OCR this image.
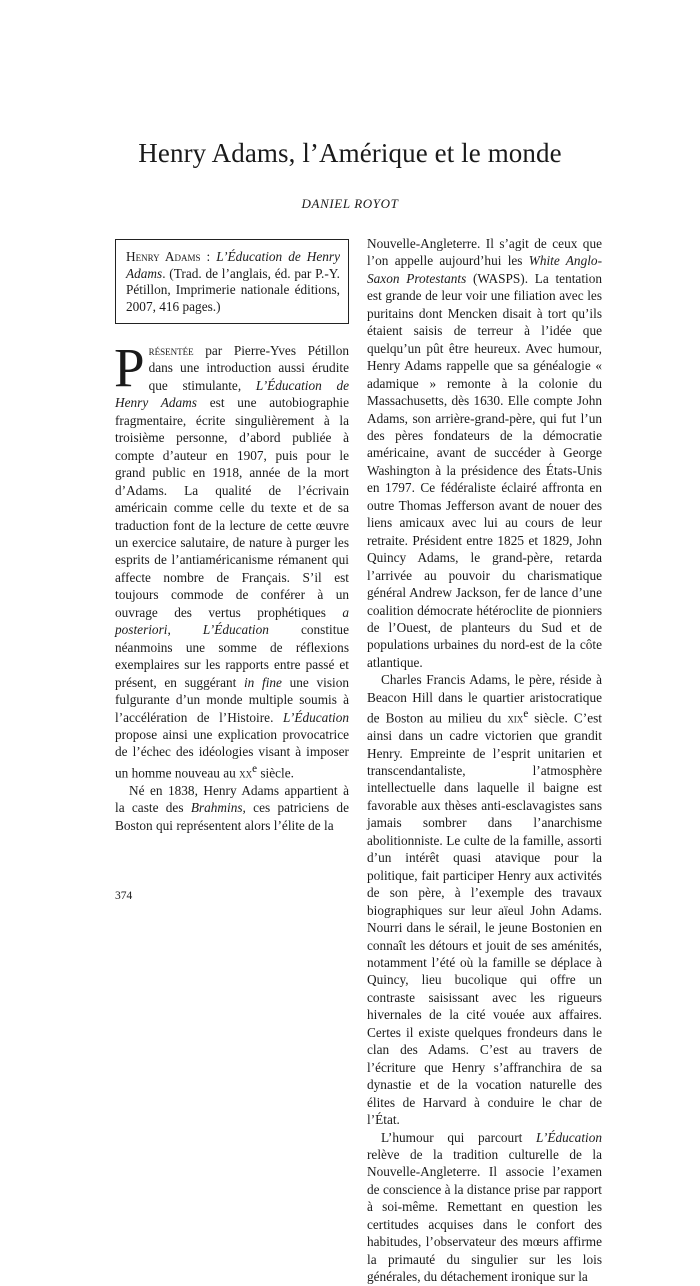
Henry Adams, l’Amérique et le monde
DANIEL ROYOT
Henry Adams : L’Éducation de Henry Adams. (Trad. de l’anglais, éd. par P.-Y. Pétillon, Imprimerie nationale éditions, 2007, 416 pages.)

Présentée par Pierre-Yves Pétillon dans une introduction aussi érudite que stimulante, L’Éducation de Henry Adams est une autobiographie fragmentaire, écrite singulièrement à la troisième personne, d’abord publiée à compte d’auteur en 1907, puis pour le grand public en 1918, année de la mort d’Adams. La qualité de l’écrivain américain comme celle du texte et de sa traduction font de la lecture de cette œuvre un exercice salutaire, de nature à purger les esprits de l’antiaméricanisme rémanent qui affecte nombre de Français. S’il est toujours commode de conférer à un ouvrage des vertus prophétiques a posteriori, L’Éducation constitue néanmoins une somme de réflexions exemplaires sur les rapports entre passé et présent, en suggérant in fine une vision fulgurante d’un monde multiple soumis à l’accélération de l’Histoire. L’Éducation propose ainsi une explication provocatrice de l’échec des idéologies visant à imposer un homme nouveau au $xx^e$ siècle.

Né en 1838, Henry Adams appartient à la caste des Brahmins, ces patriciens de Boston qui représentent alors l’élite de la

Nouvelle-Angleterre. Il s’agit de ceux que l’on appelle aujourd’hui les White Anglo-Saxon Protestants (WASPS). La tentation est grande de leur voir une filiation avec les puritains dont Mencken disait à tort qu’ils étaient saisis de terreur à l’idée que quelqu’un pût être heureux. Avec humour, Henry Adams rappelle que sa généalogie « adamique » remonte à la colonie du Massachusetts, dès 1630. Elle compte John Adams, son arrière-grand-père, qui fut l’un des pères fondateurs de la démocratie américaine, avant de succéder à George Washington à la présidence des États-Unis en 1797. Ce fédéraliste éclairé affronta en outre Thomas Jefferson avant de nouer des liens amicaux avec lui au cours de leur retraite. Président entre 1825 et 1829, John Quincy Adams, le grand-père, retarda l’arrivée au pouvoir du charismatique général Andrew Jackson, fer de lance d’une coalition démocrate hétéroclite de pionniers de l’Ouest, de planteurs du Sud et de populations urbaines du nord-est de la côte atlantique.

Charles Francis Adams, le père, réside à Beacon Hill dans le quartier aristocratique de Boston au milieu du xix$^e$ siècle. C’est ainsi dans un cadre victorien que grandit Henry. Empreinte de l’esprit unitarien et transcendantaliste, l’atmosphère intellectuelle dans laquelle il baigne est favorable aux thèses anti-esclavagistes sans jamais sombrer dans l’anarchisme abolitionniste. Le culte de la famille, assorti d’un intérêt quasi atavique pour la politique, fait participer Henry aux activités de son père, à l’exemple des travaux biographiques sur leur aïeul John Adams. Nourri dans le sérail, le jeune Bostonien en connaît les détours et jouit de ses aménités, notamment l’été où la famille se déplace à Quincy, lieu bucolique qui offre un contraste saisissant avec les rigueurs hivernales de la cité vouée aux affaires. Certes il existe quelques frondeurs dans le clan des Adams. C’est au travers de l’écriture que Henry s’affranchira de sa dynastie et de la vocation naturelle des élites de Harvard à conduire le char de l’État.

L’humour qui parcourt L’Éducation relève de la tradition culturelle de la Nouvelle-Angleterre. Il associe l’examen de conscience à la distance prise par rapport à soi-même. Remettant en question les certitudes acquises dans le confort des habitudes, l’observateur des mœurs affirme la primauté du singulier sur les lois générales, du détachement ironique sur la

374
